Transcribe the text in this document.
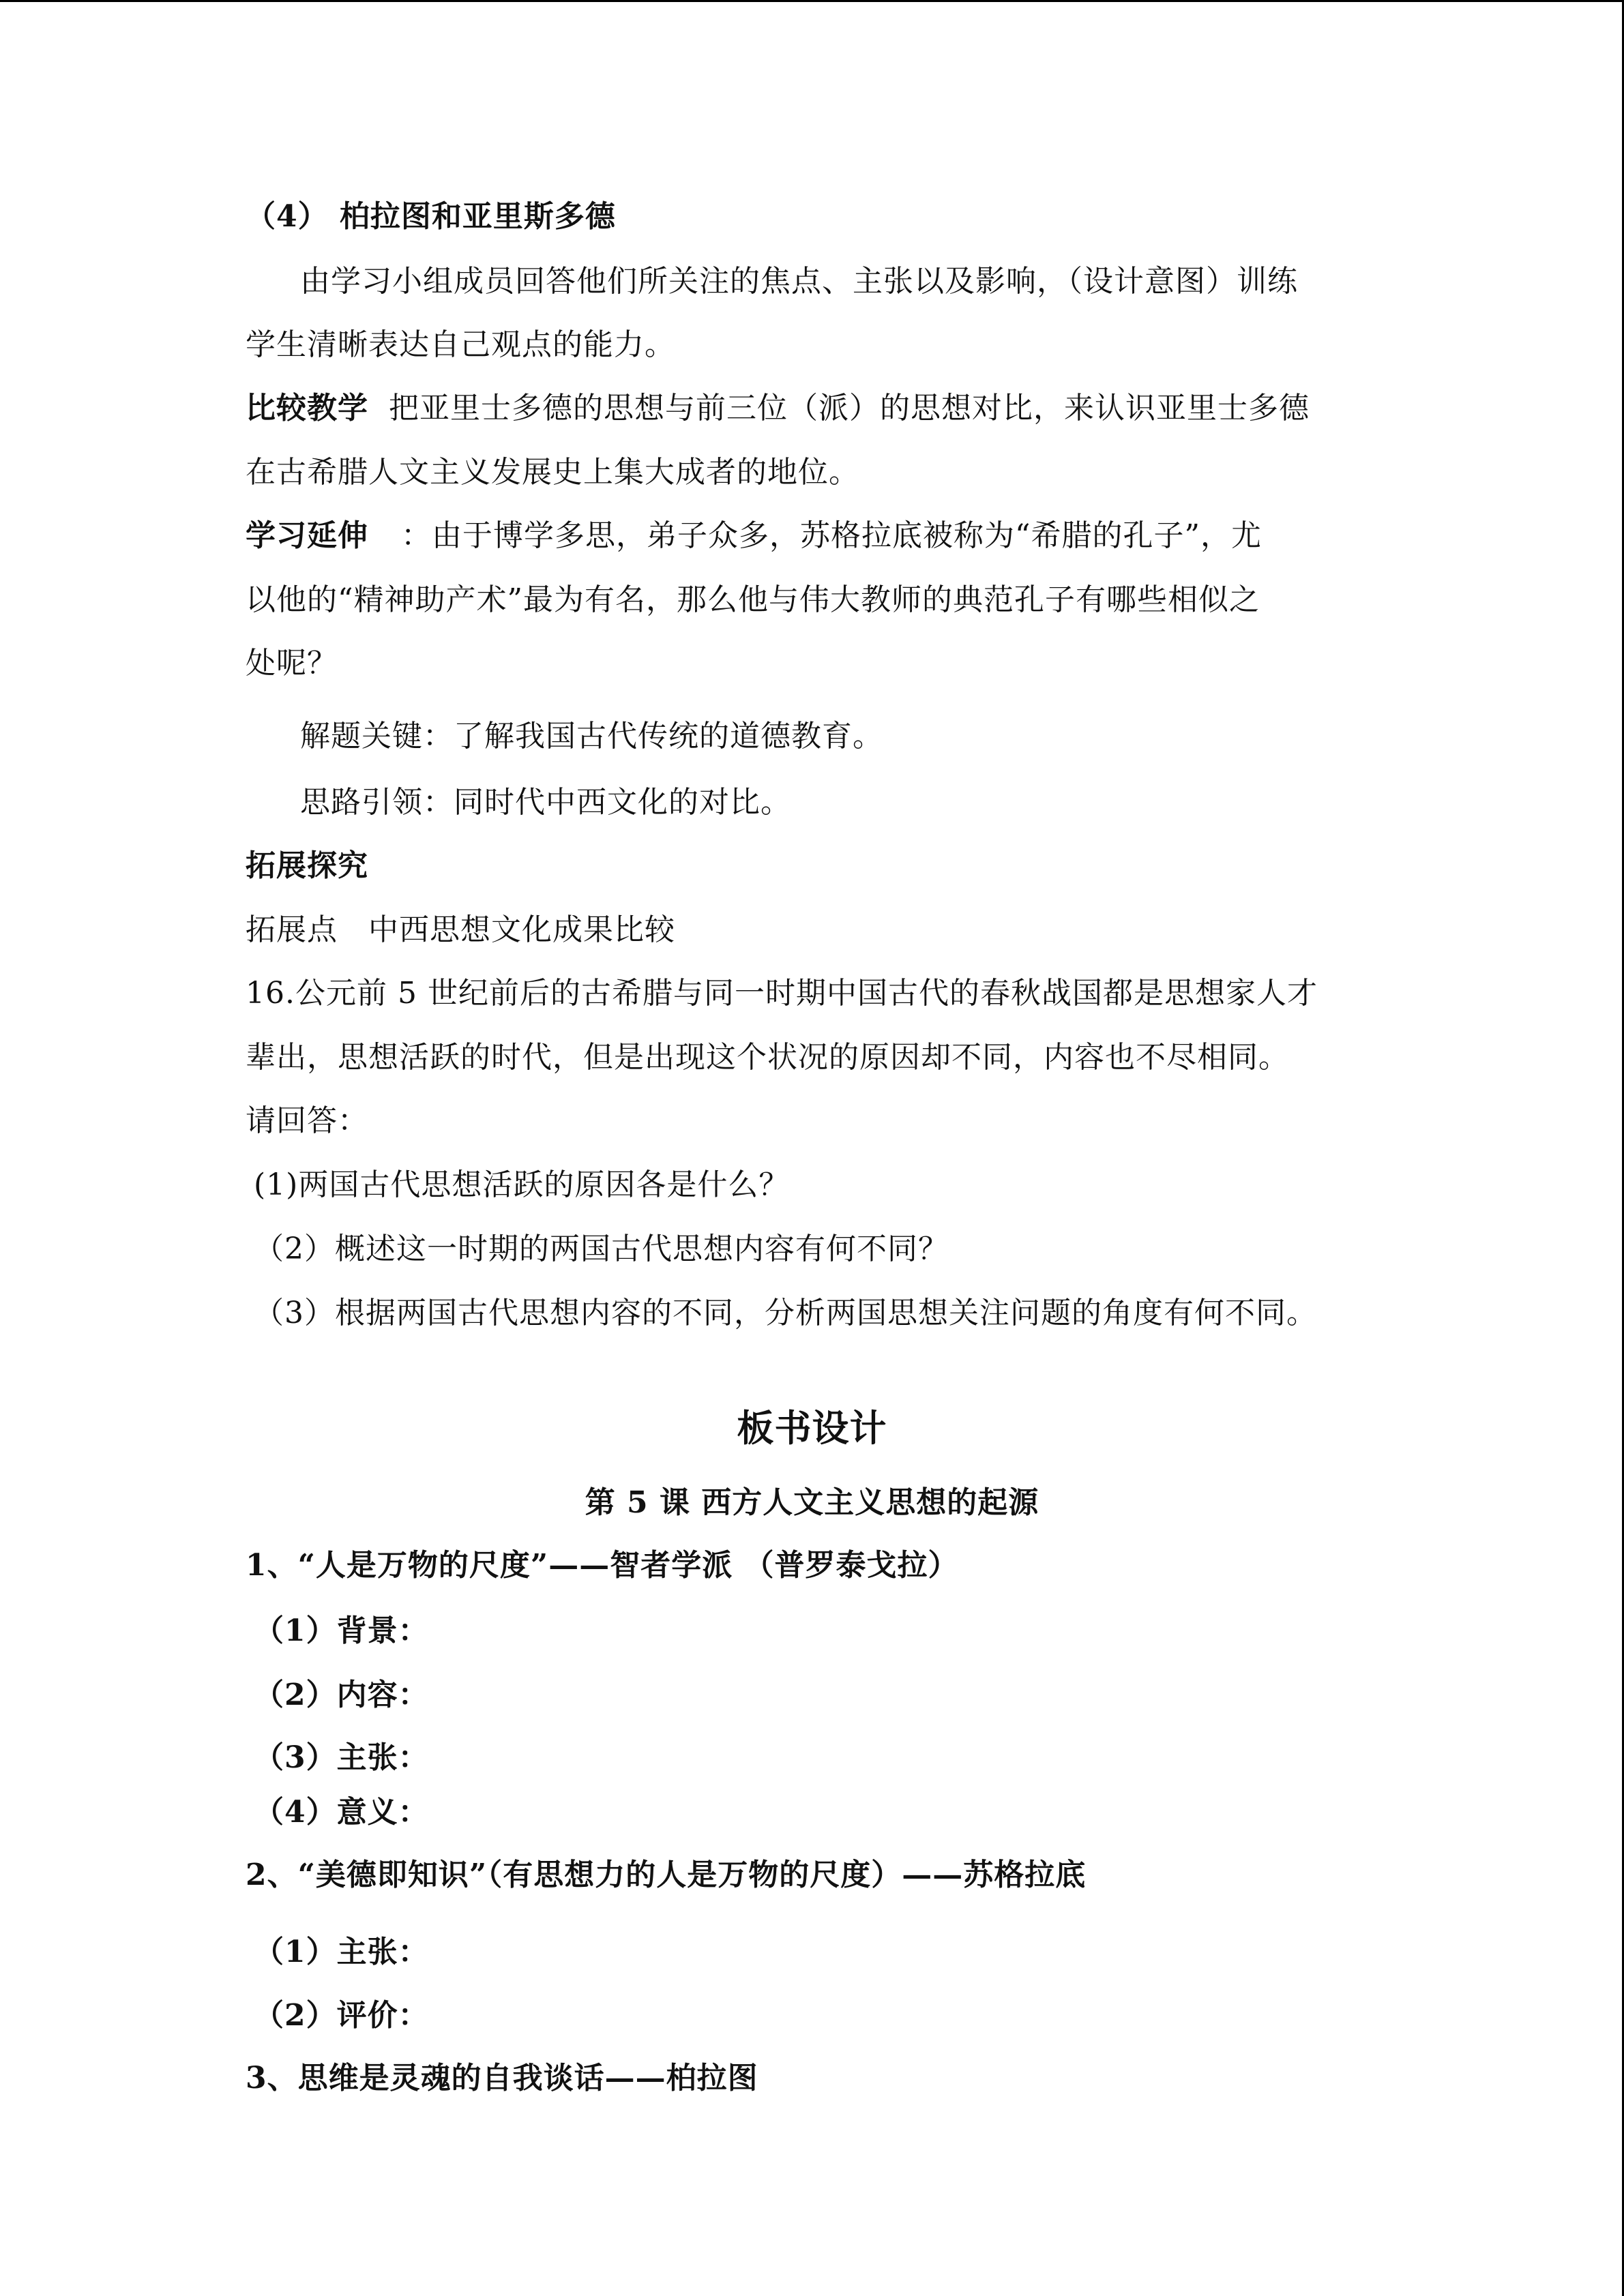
（4） 柏拉图和亚里斯多德

由学习小组成员回答他们所关注的焦点、主张以及影响，（设计意图）训练

学生清晰表达自己观点的能力。

比较教学 把亚里士多德的思想与前三位（派）的思想对比，来认识亚里士多德

在古希腊人文主义发展史上集大成者的地位。

学习延伸 ：由于博学多思，弟子众多，苏格拉底被称为“希腊的孔子”，尤

以他的“精神助产术”最为有名，那么他与伟大教师的典范孔子有哪些相似之

处呢？

解题关键：了解我国古代传统的道德教育。

思路引领：同时代中西文化的对比。

拓展探究

拓展点　中西思想文化成果比较

16.公元前 5 世纪前后的古希腊与同一时期中国古代的春秋战国都是思想家人才

辈出，思想活跃的时代，但是出现这个状况的原因却不同，内容也不尽相同。

请回答：

(1)两国古代思想活跃的原因各是什么？

（2）概述这一时期的两国古代思想内容有何不同？

（3）根据两国古代思想内容的不同，分析两国思想关注问题的角度有何不同。

板书设计

第 5 课 西方人文主义思想的起源

1、“人是万物的尺度”——智者学派 （普罗泰戈拉）

（1）背景：

（2）内容：

（3）主张：

（4）意义：

2、“美德即知识”（有思想力的人是万物的尺度）——苏格拉底

（1）主张：

（2）评价：

3、思维是灵魂的自我谈话——柏拉图
